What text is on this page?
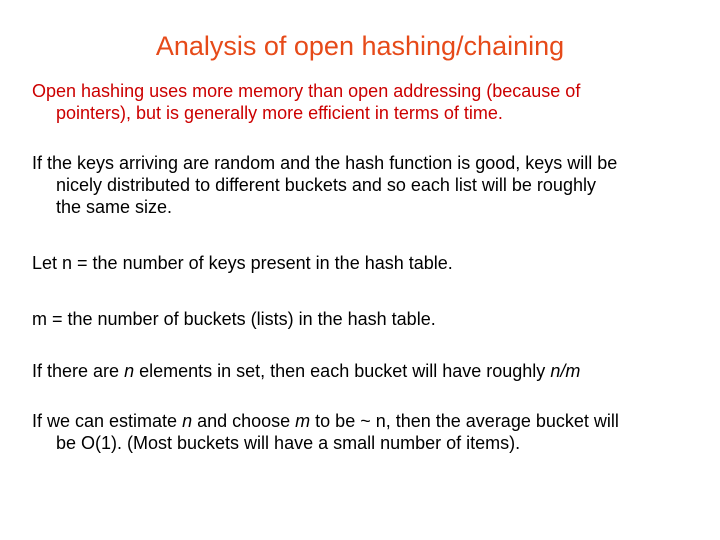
Analysis of open hashing/chaining

Open hashing uses more memory than open addressing (because of
pointers), but is generally more efficient in terms of time.

If the keys arriving are random and the hash function is good, keys will be
nicely distributed to different buckets and so each list will be roughly
the same size.

Let n = the number of keys present in the hash table.

m = the number of buckets (lists) in the hash table.

If there are n elements in set, then each bucket will have roughly n/m

If we can estimate n and choose m to be ~ n, then the average bucket will
be O(1). (Most buckets will have a small number of items).
